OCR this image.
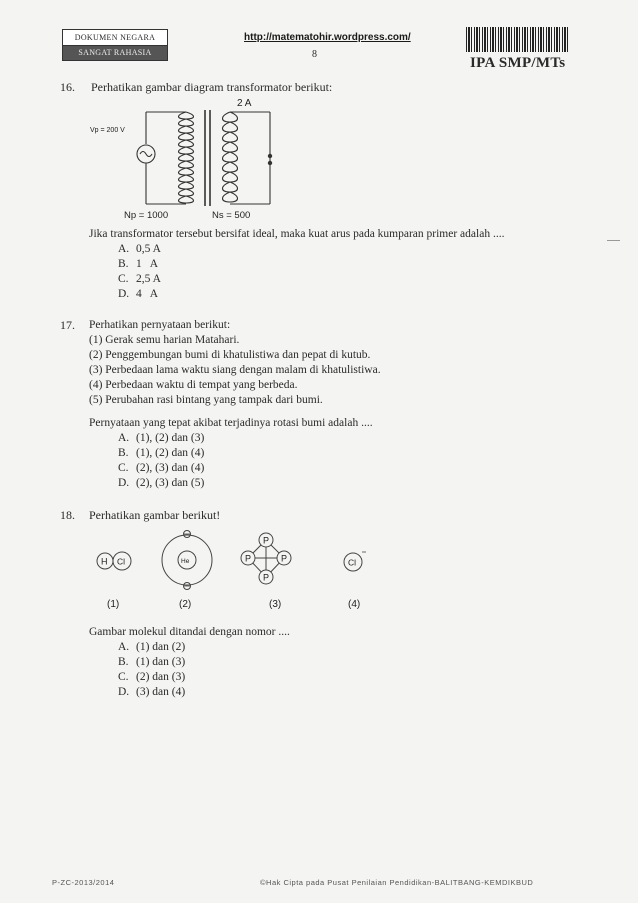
DOKUMEN NEGARA
SANGAT RAHASIA
http://matematohir.wordpress.com/
8
IPA SMP/MTs
16. Perhatikan gambar diagram transformator berikut:
2 A
Vp = 200 V
Np = 1000	Ns = 500
Jika transformator tersebut bersifat ideal, maka kuat arus pada kumparan primer adalah ....
A. 0,5 A
B. 1   A
C. 2,5 A
D. 4   A
17. Perhatikan pernyataan berikut:
(1) Gerak semu harian Matahari.
(2) Penggembungan bumi di khatulistiwa dan pepat di kutub.
(3) Perbedaan lama waktu siang dengan malam di khatulistiwa.
(4) Perbedaan waktu di tempat yang berbeda.
(5) Perubahan rasi bintang yang tampak dari bumi.
Pernyataan yang tepat akibat terjadinya rotasi bumi adalah ....
A. (1), (2) dan (3)
B. (1), (2) dan (4)
C. (2), (3) dan (4)
D. (2), (3) dan (5)
18. Perhatikan gambar berikut!
H Cl	He	P	P
P
P
Cl
(1)	(2)	(3)	(4)
Gambar molekul ditandai dengan nomor ....
A. (1) dan (2)
B. (1) dan (3)
C. (2) dan (3)
D. (3) dan (4)
P-ZC-2013/2014	©Hak Cipta pada Pusat Penilaian Pendidikan-BALITBANG-KEMDIKBUD
